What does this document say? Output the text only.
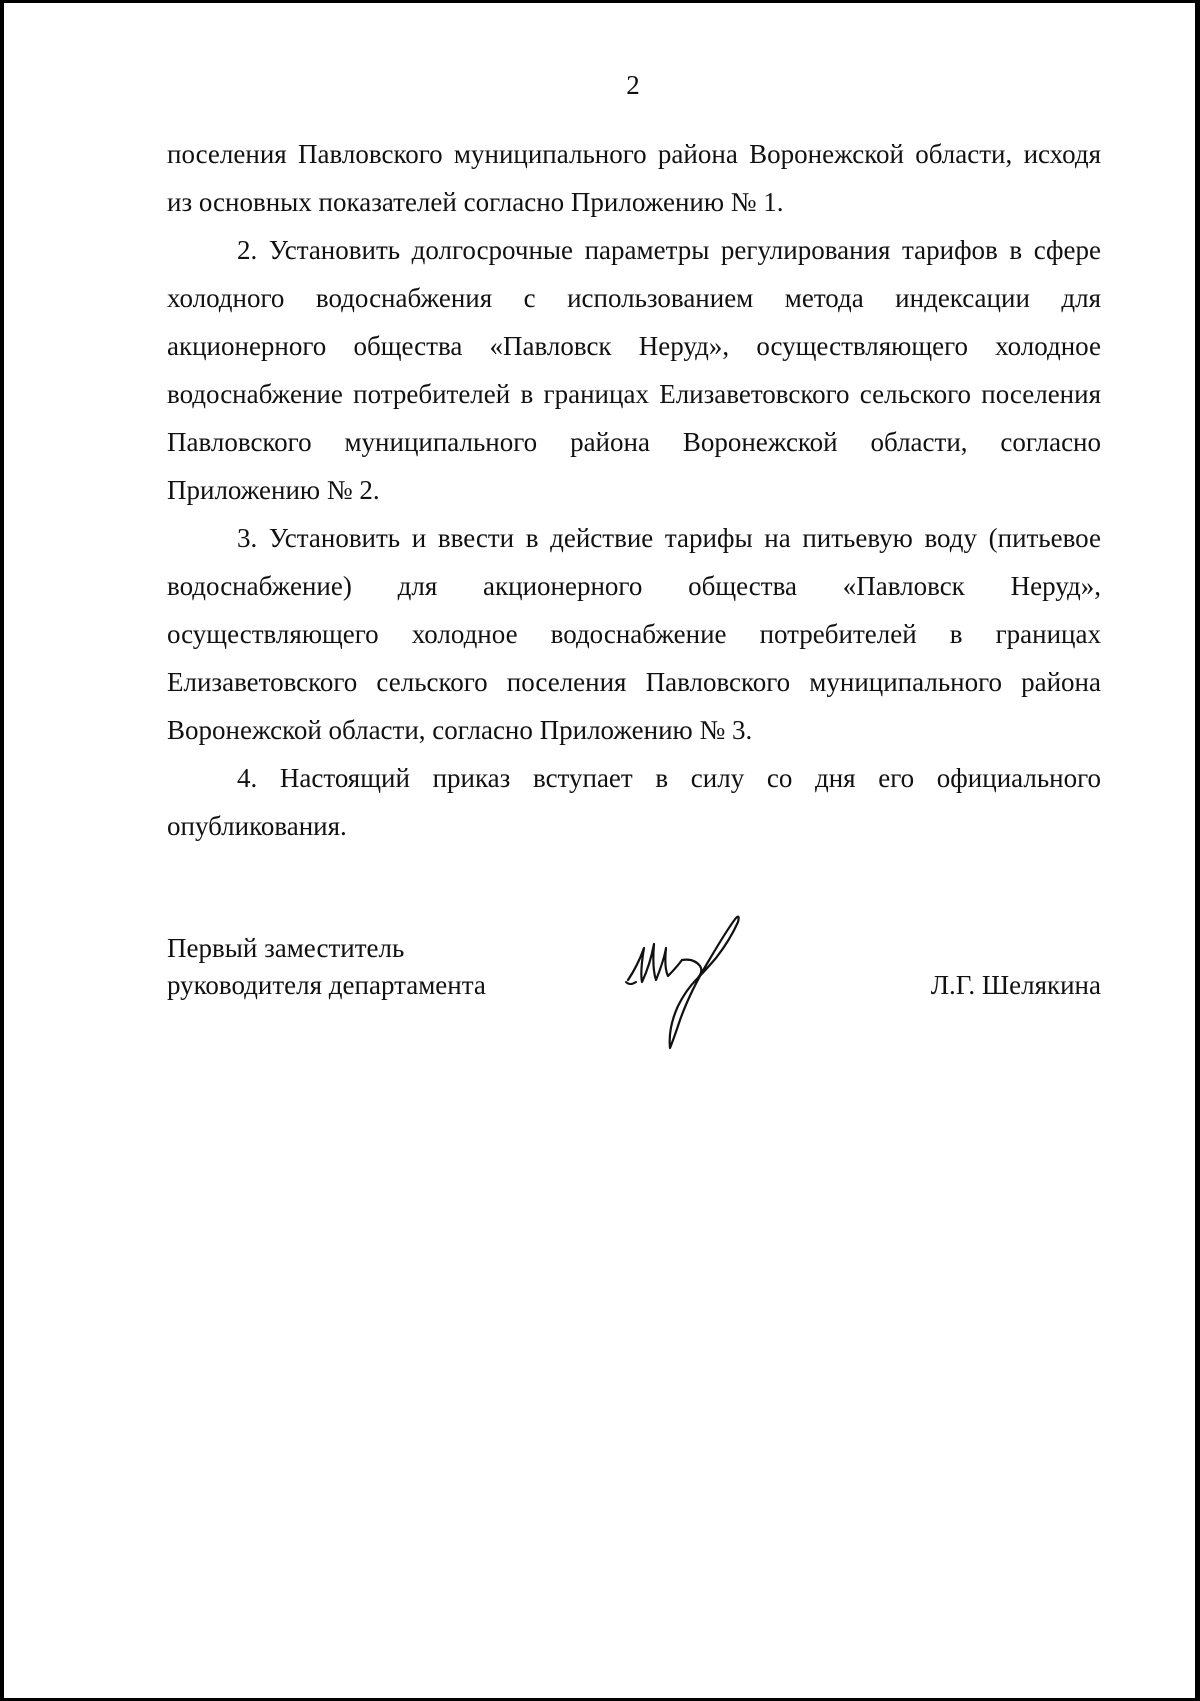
2

поселения Павловского муниципального района Воронежской области, исходя из основных показателей согласно Приложению № 1.

2. Установить долгосрочные параметры регулирования тарифов в сфере холодного водоснабжения с использованием метода индексации для акционерного общества «Павловск Неруд», осуществляющего холодное водоснабжение потребителей в границах Елизаветовского сельского поселения Павловского муниципального района Воронежской области, согласно Приложению № 2.

3. Установить и ввести в действие тарифы на питьевую воду (питьевое водоснабжение) для акционерного общества «Павловск Неруд», осуществляющего холодное водоснабжение потребителей в границах Елизаветовского сельского поселения Павловского муниципального района Воронежской области, согласно Приложению № 3.

4. Настоящий приказ вступает в силу со дня его официального опубликования.

Первый заместитель
руководителя департамента	Л.Г. Шелякина
